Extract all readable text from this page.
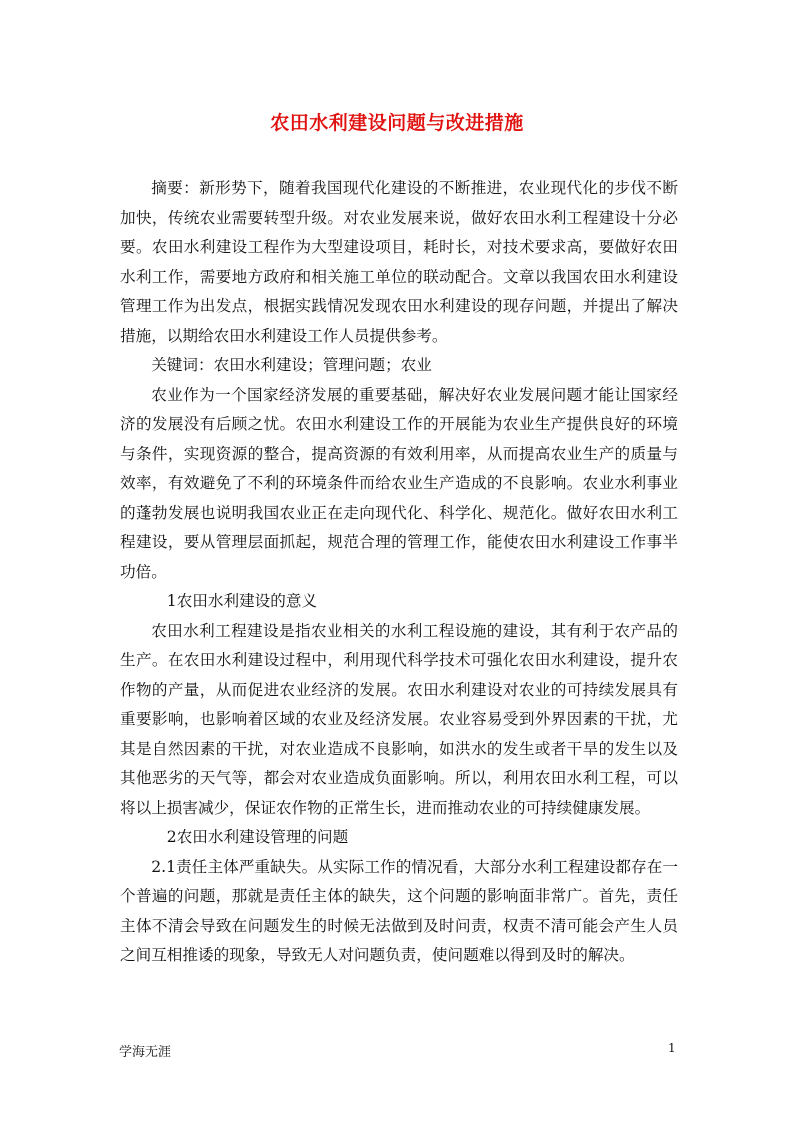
农田水利建设问题与改进措施

摘要：新形势下，随着我国现代化建设的不断推进，农业现代化的步伐不断加快，传统农业需要转型升级。对农业发展来说，做好农田水利工程建设十分必要。农田水利建设工程作为大型建设项目，耗时长，对技术要求高，要做好农田水利工作，需要地方政府和相关施工单位的联动配合。文章以我国农田水利建设管理工作为出发点，根据实践情况发现农田水利建设的现存问题，并提出了解决措施，以期给农田水利建设工作人员提供参考。

关键词：农田水利建设；管理问题；农业

农业作为一个国家经济发展的重要基础，解决好农业发展问题才能让国家经济的发展没有后顾之忧。农田水利建设工作的开展能为农业生产提供良好的环境与条件，实现资源的整合，提高资源的有效利用率，从而提高农业生产的质量与效率，有效避免了不利的环境条件而给农业生产造成的不良影响。农业水利事业的蓬勃发展也说明我国农业正在走向现代化、科学化、规范化。做好农田水利工程建设，要从管理层面抓起，规范合理的管理工作，能使农田水利建设工作事半功倍。

1农田水利建设的意义

农田水利工程建设是指农业相关的水利工程设施的建设，其有利于农产品的生产。在农田水利建设过程中，利用现代科学技术可强化农田水利建设，提升农作物的产量，从而促进农业经济的发展。农田水利建设对农业的可持续发展具有重要影响，也影响着区域的农业及经济发展。农业容易受到外界因素的干扰，尤其是自然因素的干扰，对农业造成不良影响，如洪水的发生或者干旱的发生以及其他恶劣的天气等，都会对农业造成负面影响。所以，利用农田水利工程，可以将以上损害减少，保证农作物的正常生长，进而推动农业的可持续健康发展。

2农田水利建设管理的问题

2.1责任主体严重缺失。从实际工作的情况看，大部分水利工程建设都存在一个普遍的问题，那就是责任主体的缺失，这个问题的影响面非常广。首先，责任主体不清会导致在问题发生的时候无法做到及时问责，权责不清可能会产生人员之间互相推诿的现象，导致无人对问题负责，使问题难以得到及时的解决。

学海无涯	1
